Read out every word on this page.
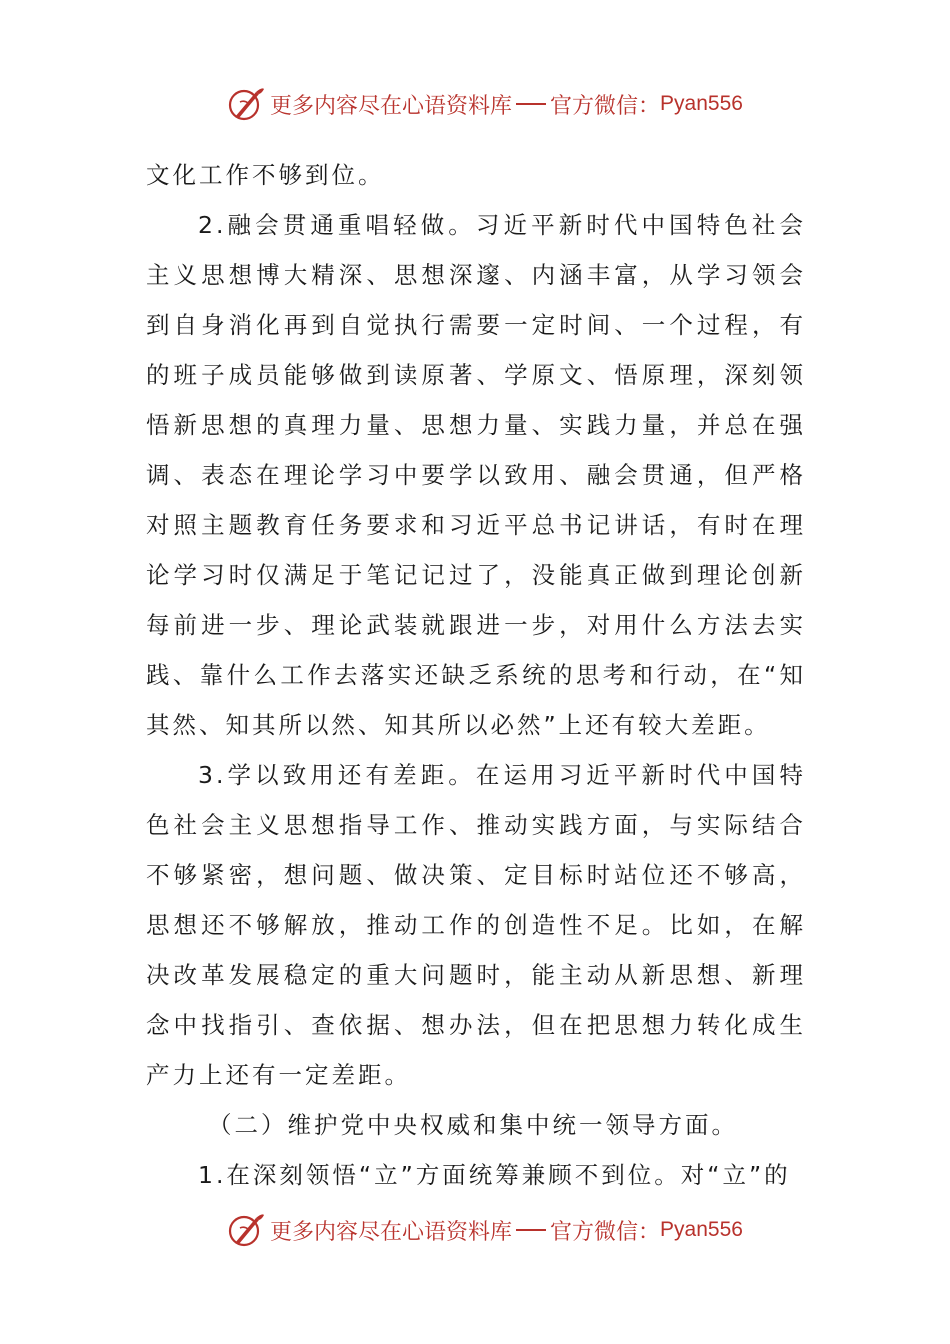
更多内容尽在心语资料库 官方微信： Pyan556

文化工作不够到位。

2.融会贯通重唱轻做。习近平新时代中国特色社会主义思想博大精深、思想深邃、内涵丰富，从学习领会到自身消化再到自觉执行需要一定时间、一个过程，有的班子成员能够做到读原著、学原文、悟原理，深刻领悟新思想的真理力量、思想力量、实践力量，并总在强调、表态在理论学习中要学以致用、融会贯通，但严格对照主题教育任务要求和习近平总书记讲话，有时在理论学习时仅满足于笔记记过了，没能真正做到理论创新每前进一步、理论武装就跟进一步，对用什么方法去实践、靠什么工作去落实还缺乏系统的思考和行动，在“知其然、知其所以然、知其所以必然”上还有较大差距。

3.学以致用还有差距。在运用习近平新时代中国特色社会主义思想指导工作、推动实践方面，与实际结合不够紧密，想问题、做决策、定目标时站位还不够高，思想还不够解放，推动工作的创造性不足。比如，在解决改革发展稳定的重大问题时，能主动从新思想、新理念中找指引、查依据、想办法，但在把思想力转化成生产力上还有一定差距。

（二）维护党中央权威和集中统一领导方面。

1.在深刻领悟“立”方面统筹兼顾不到位。对“立”的

更多内容尽在心语资料库 官方微信： Pyan556
